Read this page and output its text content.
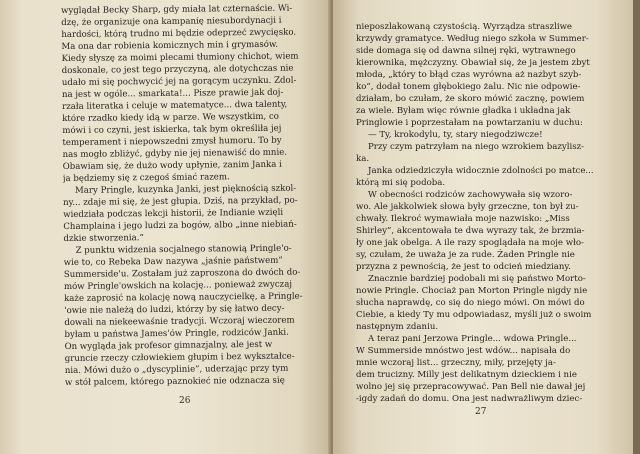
wyglądał Becky Sharp, gdy miała lat czternaście. Wi-
dzę, że organizuje ona kampanię niesubordynacji i
hardości, którą trudno mi będzie odeprzeć zwycięsko.
Ma ona dar robienia komicznych min i grymasów.
Kiedy słyszę za moimi plecami tłumiony chichot, wiem
doskonale, co jest tego przyczyną, ale dotychczas nie
udało mi się pochwycić jej na gorącym uczynku. Zdol-
na jest w ogóle... smarkata!... Pisze prawie jak doj-
rzała literatka i celuje w matematyce... dwa talenty,
które rzadko kiedy idą w parze. We wszystkim, co
mówi i co czyni, jest iskierka, tak bym określiła jej
temperament i niepowszedni zmysł humoru. To by
nas mogło zbliżyć, gdyby nie jej nienawiść do mnie.
Obawiam się, że dużo wody upłynie, zanim Janka i
ja będziemy się z czegoś śmiać razem.
Mary Pringle, kuzynka Janki, jest pięknością szkol-
ny... zdaje mi się, że jest głupia. Dziś, na przykład, po-
wiedziała podczas lekcji historii, że Indianie wzięli
Champlaina i jego ludzi za bogów, albo „inne niebiań-
dzkie stworzenia.”
Z punktu widzenia socjalnego stanowią Pringle'o-
wie to, co Rebeka Daw nazywa „jaśnie państwem”
Summerside'u. Zostałam już zaproszona do dwóch do-
mów Pringle'owskich na kolację... ponieważ zwyczaj
każe zaprosić na kolację nową nauczycielkę, a Pringle-
'owie nie należą do ludzi, którzy by się łatwo decy-
dowali na niekeewaśnie tradycji. Wczoraj wieczorem
byłam u państwa James'ów Pringle, rodziców Janki.
On wygląda jak profesor gimnazjalny, ale jest w
gruncie rzeczy człowiekiem głupim i bez wykształce-
nia. Mówi dużo o „dyscyplinie”, uderzając przy tym
w stół palcem, którego paznokieć nie odznacza się
26
nieposzlakowaną czystością. Wyrządza straszliwe
krzywdy gramatyce. Według niego szkoła w Summer-
side domaga się od dawna silnej ręki, wytrawnego
kierownika, mężczyzny. Obawiał się, że ja jestem zbyt
młoda, „który to błąd czas wyrówna aż nazbyt szyb-
ko”, dodał tonem głębokiego żalu. Nic nie odpowie-
działam, bo czułam, że skoro mówić zacznę, powiem
za wiele. Byłam więc równie gładka i układna jak
Pringlowie i poprzestałam na powtarzaniu w duchu:
— Ty, krokodylu, ty, stary niegodziwcze!
Przy czym patrzyłam na niego wzrokiem bazylisz-
ka.
Janka odziedziczyła widocznie zdolności po matce...
którą mi się podoba.
W obecności rodziców zachowywała się wzoro-
wo. Ale jakkolwiek słowa były grzeczne, ton był zu-
chwały. Ilekroć wymawiała moje nazwisko: „Miss
Shirley”, akcentowała te dwa wyrazy tak, że brzmia-
ły one jak obelga. A ile razy spoglądała na moje wło-
sy, czułam, że uważa je za rude. Żaden Pringle nie
przyzna z pewnością, że jest to odcień miedziany.
Znacznie bardziej podobali mi się państwo Morto-
nowie Pringle. Chociaż pan Morton Pringle nigdy nie
słucha naprawdę, co się do niego mówi. On mówi do
Ciebie, a kiedy Ty mu odpowiadasz, myśli już o swoim
następnym zdaniu.
A teraz pani Jerzowa Pringle... wdowa Pringle...
W Summerside mnóstwo jest wdów... napisała do
mnie wczoraj list... grzeczny, miły, przejęty ja-
dem trucizny. Milly jest delikatnym dzieckiem i nie
wolno jej się przepracowywać. Pan Bell nie dawał jej
-igdy zadań do domu. Ona jest nadwrażliwym dziec-
27
